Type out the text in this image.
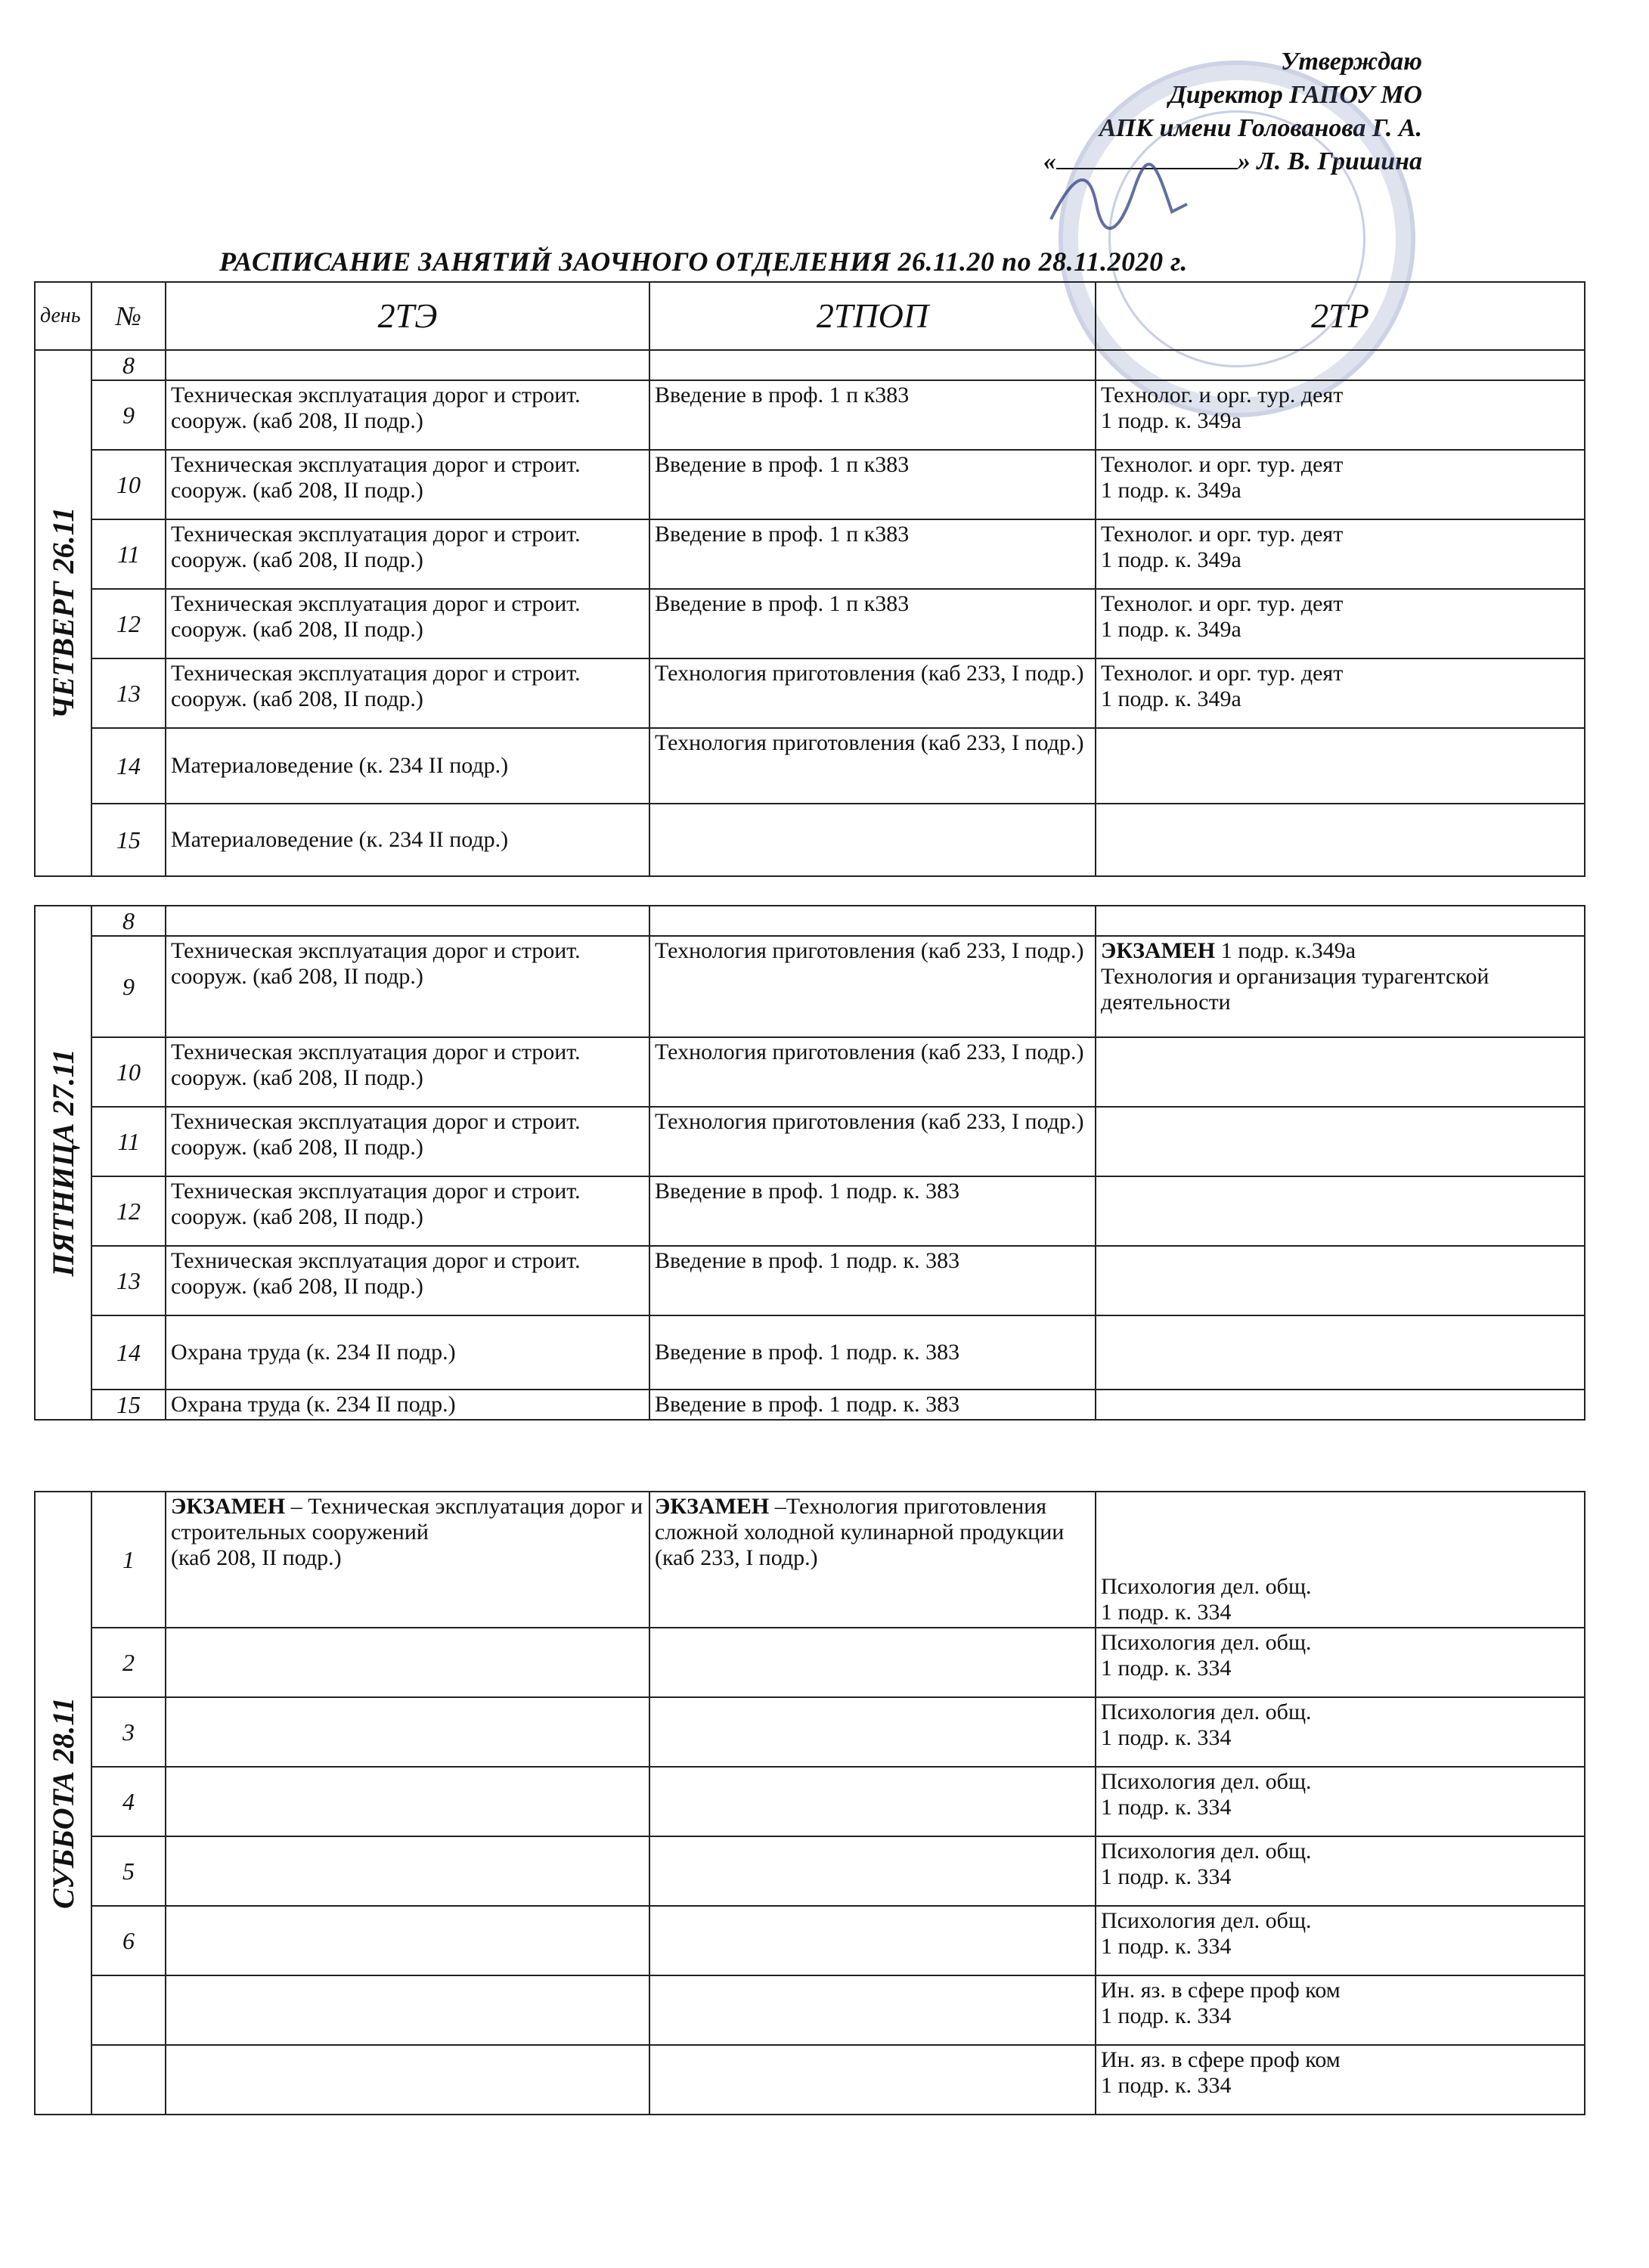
Утверждаю
Директор ГАПОУ МО
АПК имени Голованова Г. А.
«	» Л. В. Гришина
РАСПИСАНИЕ ЗАНЯТИЙ ЗАОЧНОГО ОТДЕЛЕНИЯ 26.11.20 по 28.11.2020 г.
день	№	2ТЭ	2ТПОП	2ТР

ЧЕТВЕРГ 26.11	8			
	9	Техническая эксплуатация дорог и строит. сооруж. (каб 208, II подр.)	Введение в проф. 1 п к383	Технолог. и орг. тур. деят
1 подр. к. 349а
	10	Техническая эксплуатация дорог и строит. сооруж. (каб 208, II подр.)	Введение в проф. 1 п к383	Технолог. и орг. тур. деят
1 подр. к. 349а
	11	Техническая эксплуатация дорог и строит. сооруж. (каб 208, II подр.)	Введение в проф. 1 п к383	Технолог. и орг. тур. деят
1 подр. к. 349а
	12	Техническая эксплуатация дорог и строит. сооруж. (каб 208, II подр.)	Введение в проф. 1 п к383	Технолог. и орг. тур. деят
1 подр. к. 349а
	13	Техническая эксплуатация дорог и строит. сооруж. (каб 208, II подр.)	Технология приготовления (каб 233, I подр.)	Технолог. и орг. тур. деят
1 подр. к. 349а
	14	Материаловедение (к. 234 II подр.)	Технология приготовления (каб 233, I подр.)	
	15	Материаловедение (к. 234 II подр.)		
ПЯТНИЦА 27.11	8			
	9	Техническая эксплуатация дорог и строит. сооруж. (каб 208, II подр.)	Технология приготовления (каб 233, I подр.)	ЭКЗАМЕН 1 подр. к.349а
Технология и организация турагентской деятельности
	10	Техническая эксплуатация дорог и строит. сооруж. (каб 208, II подр.)	Технология приготовления (каб 233, I подр.)	
	11	Техническая эксплуатация дорог и строит. сооруж. (каб 208, II подр.)	Технология приготовления (каб 233, I подр.)	
	12	Техническая эксплуатация дорог и строит. сооруж. (каб 208, II подр.)	Введение в проф. 1 подр. к. 383	
	13	Техническая эксплуатация дорог и строит. сооруж. (каб 208, II подр.)	Введение в проф. 1 подр. к. 383	
	14	Охрана труда (к. 234 II подр.)	Введение в проф. 1 подр. к. 383	
	15	Охрана труда (к. 234 II подр.)	Введение в проф. 1 подр. к. 383	
СУББОТА 28.11	1	ЭКЗАМЕН – Техническая эксплуатация дорог и строительных сооружений
(каб 208, II подр.)	ЭКЗАМЕН –Технология приготовления сложной холодной кулинарной продукции (каб 233, I подр.)	Психология дел. общ.
1 подр. к. 334
	2			Психология дел. общ.
1 подр. к. 334
	3			Психология дел. общ.
1 подр. к. 334
	4			Психология дел. общ.
1 подр. к. 334
	5			Психология дел. общ.
1 подр. к. 334
	6			Психология дел. общ.
1 подр. к. 334
				Ин. яз. в сфере проф ком
1 подр. к. 334
				Ин. яз. в сфере проф ком
1 подр. к. 334
